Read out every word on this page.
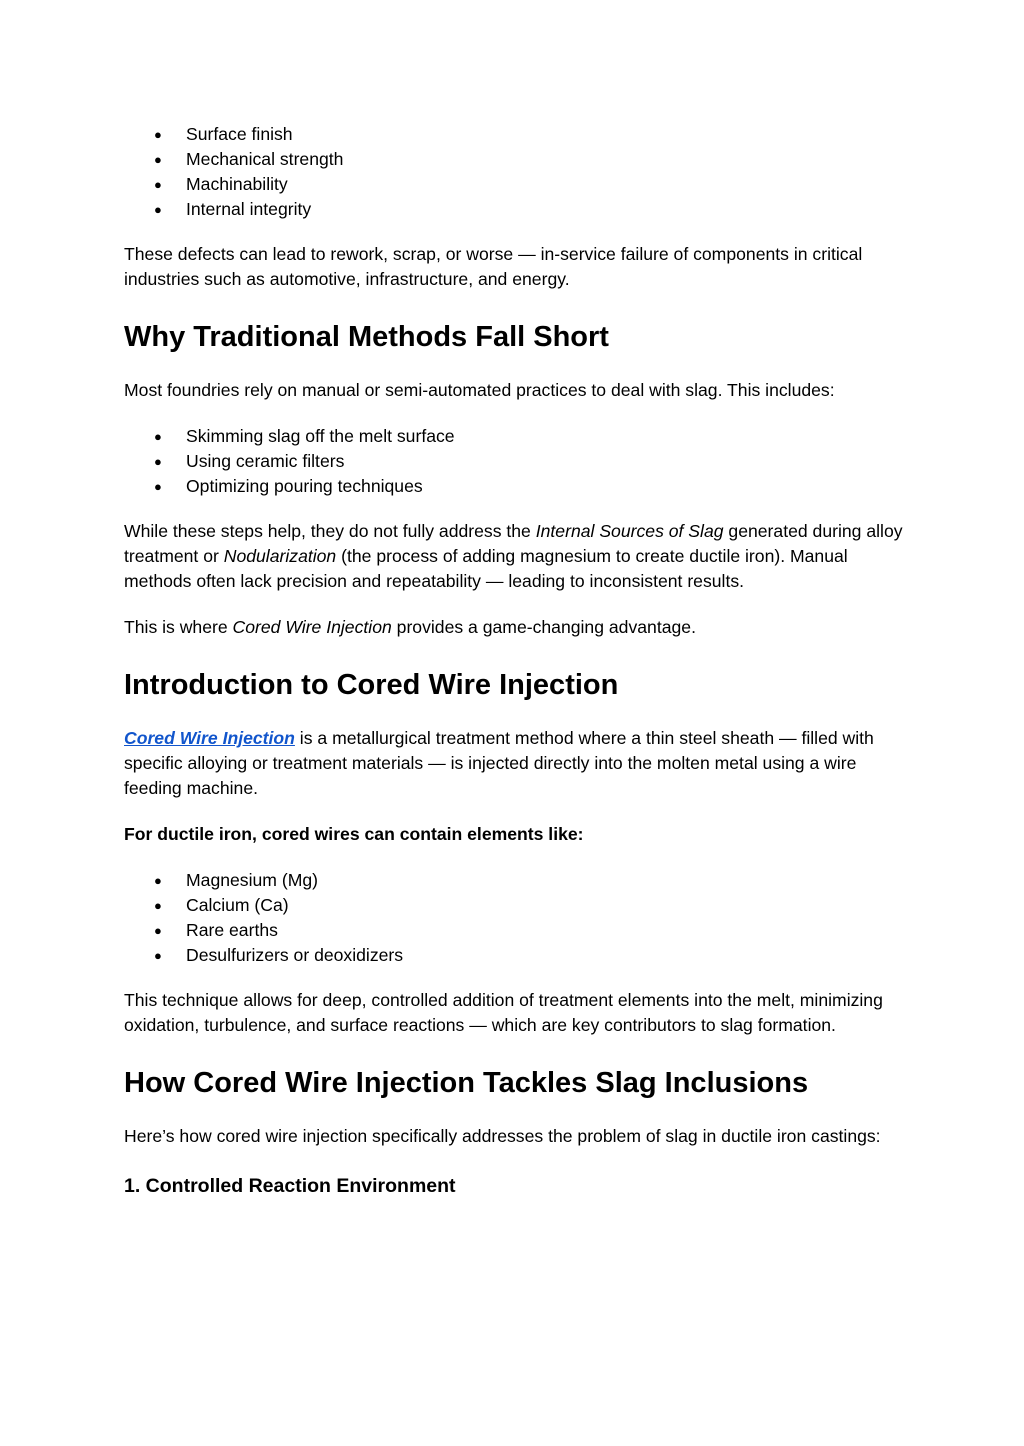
● Surface finish
● Mechanical strength
● Machinability
● Internal integrity

These defects can lead to rework, scrap, or worse — in-service failure of components in critical industries such as automotive, infrastructure, and energy.

Why Traditional Methods Fall Short

Most foundries rely on manual or semi-automated practices to deal with slag. This includes:

● Skimming slag off the melt surface
● Using ceramic filters
● Optimizing pouring techniques

While these steps help, they do not fully address the Internal Sources of Slag generated during alloy treatment or Nodularization (the process of adding magnesium to create ductile iron). Manual methods often lack precision and repeatability — leading to inconsistent results.

This is where Cored Wire Injection provides a game-changing advantage.

Introduction to Cored Wire Injection

Cored Wire Injection is a metallurgical treatment method where a thin steel sheath — filled with specific alloying or treatment materials — is injected directly into the molten metal using a wire feeding machine.

For ductile iron, cored wires can contain elements like:

● Magnesium (Mg)
● Calcium (Ca)
● Rare earths
● Desulfurizers or deoxidizers

This technique allows for deep, controlled addition of treatment elements into the melt, minimizing oxidation, turbulence, and surface reactions — which are key contributors to slag formation.

How Cored Wire Injection Tackles Slag Inclusions

Here’s how cored wire injection specifically addresses the problem of slag in ductile iron castings:

1. Controlled Reaction Environment
